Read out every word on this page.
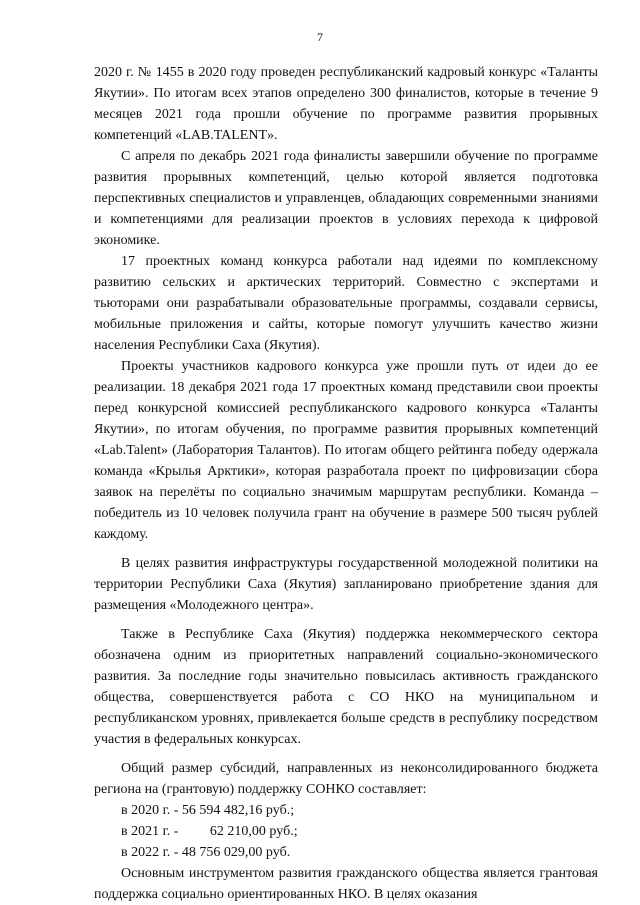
7

2020 г. № 1455 в 2020 году проведен республиканский кадровый конкурс «Таланты Якутии». По итогам всех этапов определено 300 финалистов, которые в течение 9 месяцев 2021 года прошли обучение по программе развития прорывных компетенций «LAB.TALENT».

С апреля по декабрь 2021 года финалисты завершили обучение по программе развития прорывных компетенций, целью которой является подготовка перспективных специалистов и управленцев, обладающих современными знаниями и компетенциями для реализации проектов в условиях перехода к цифровой экономике.

17 проектных команд конкурса работали над идеями по комплексному развитию сельских и арктических территорий. Совместно с экспертами и тьюторами они разрабатывали образовательные программы, создавали сервисы, мобильные приложения и сайты, которые помогут улучшить качество жизни населения Республики Саха (Якутия).

Проекты участников кадрового конкурса уже прошли путь от идеи до ее реализации. 18 декабря 2021 года 17 проектных команд представили свои проекты перед конкурсной комиссией республиканского кадрового конкурса «Таланты Якутии», по итогам обучения, по программе развития прорывных компетенций «Lab.Talent» (Лаборатория Талантов). По итогам общего рейтинга победу одержала команда «Крылья Арктики», которая разработала проект по цифровизации сбора заявок на перелёты по социально значимым маршрутам республики. Команда – победитель из 10 человек получила грант на обучение в размере 500 тысяч рублей каждому.

В целях развития инфраструктуры государственной молодежной политики на территории Республики Саха (Якутия) запланировано приобретение здания для размещения «Молодежного центра».

Также в Республике Саха (Якутия) поддержка некоммерческого сектора обозначена одним из приоритетных направлений социально-экономического развития. За последние годы значительно повысилась активность гражданского общества, совершенствуется работа с СО НКО на муниципальном и республиканском уровнях, привлекается больше средств в республику посредством участия в федеральных конкурсах.

Общий размер субсидий, направленных из неконсолидированного бюджета региона на (грантовую) поддержку СОНКО составляет:

в 2020 г. - 56 594 482,16 руб.;

в 2021 г. -         62 210,00 руб.;

в 2022 г. - 48 756 029,00 руб.

Основным инструментом развития гражданского общества является грантовая поддержка социально ориентированных НКО. В целях оказания
